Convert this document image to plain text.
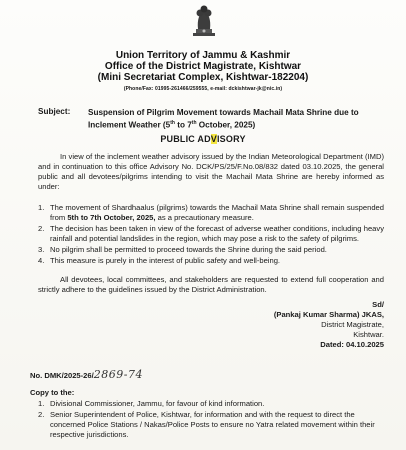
Union Territory of Jammu & Kashmir
Office of the District Magistrate, Kishtwar
(Mini Secretariat Complex, Kishtwar-182204)
(Phone/Fax: 01995-261466/259555, e-mail: dckishtwar-jk@nic.in)
Subject: Suspension of Pilgrim Movement towards Machail Mata Shrine due to Inclement Weather (5th to 7th October, 2025)
PUBLIC ADVISORY
In view of the inclement weather advisory issued by the Indian Meteorological Department (IMD) and in continuation to this office Advisory No. DCK/PS/25/F.No.08/832 dated 03.10.2025, the general public and all devotees/pilgrims intending to visit the Machail Mata Shrine are hereby informed as under:
1. The movement of Shardhaalus (pilgrims) towards the Machail Mata Shrine shall remain suspended from 5th to 7th October, 2025, as a precautionary measure.
2. The decision has been taken in view of the forecast of adverse weather conditions, including heavy rainfall and potential landslides in the region, which may pose a risk to the safety of pilgrims.
3. No pilgrim shall be permitted to proceed towards the Shrine during the said period.
4. This measure is purely in the interest of public safety and well-being.
All devotees, local committees, and stakeholders are requested to extend full cooperation and strictly adhere to the guidelines issued by the District Administration.
Sd/
(Pankaj Kumar Sharma) JKAS,
District Magistrate,
Kishtwar.
Dated: 04.10.2025
No. DMK/2025-26/2869-74
Copy to the:
1. Divisional Commissioner, Jammu, for favour of kind information.
2. Senior Superintendent of Police, Kishtwar, for information and with the request to direct the concerned Police Stations / Nakas/Police Posts to ensure no Yatra related movement within their respective jurisdictions.
